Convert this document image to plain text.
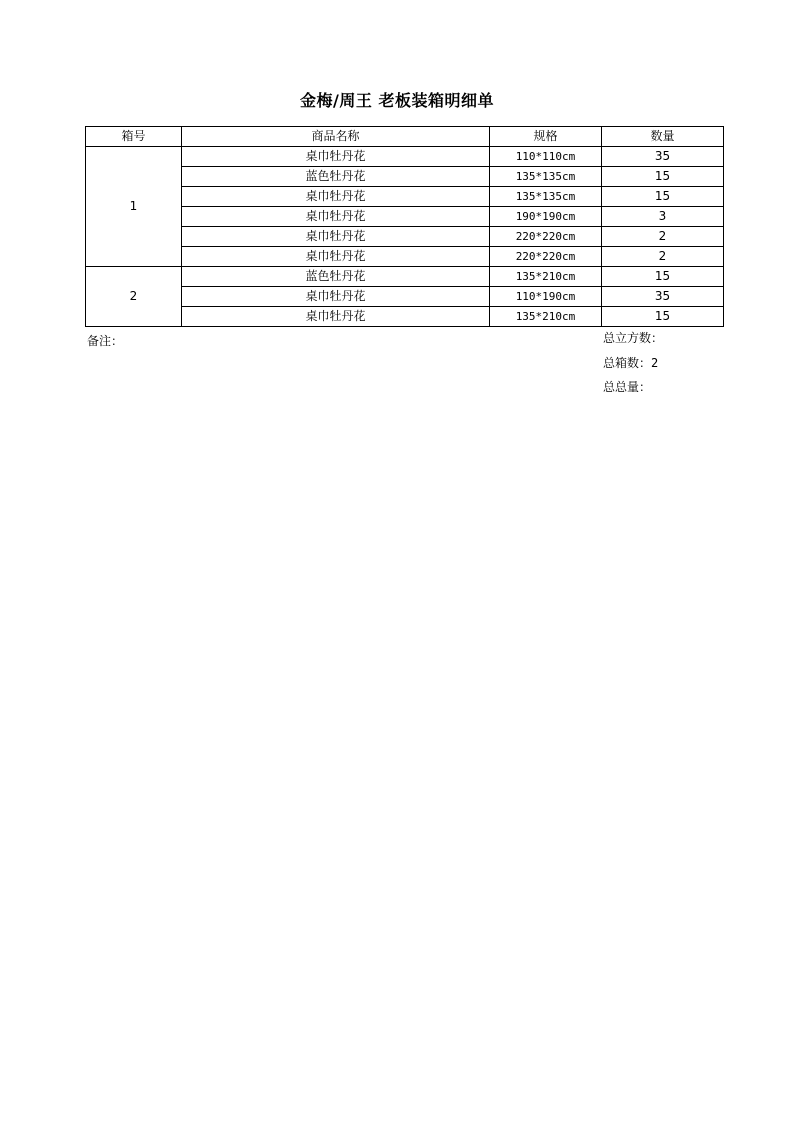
金梅/周王 老板装箱明细单
箱号	商品名称	规格	数量
1	桌巾牡丹花	110*110cm	35
	蓝色牡丹花	135*135cm	15
	桌巾牡丹花	135*135cm	15
	桌巾牡丹花	190*190cm	3
	桌巾牡丹花	220*220cm	2
	桌巾牡丹花	220*220cm	2
2	蓝色牡丹花	135*210cm	15
	桌巾牡丹花	110*190cm	35
	桌巾牡丹花	135*210cm	15
备注：	总立方数：
总箱数：2
总总量：
